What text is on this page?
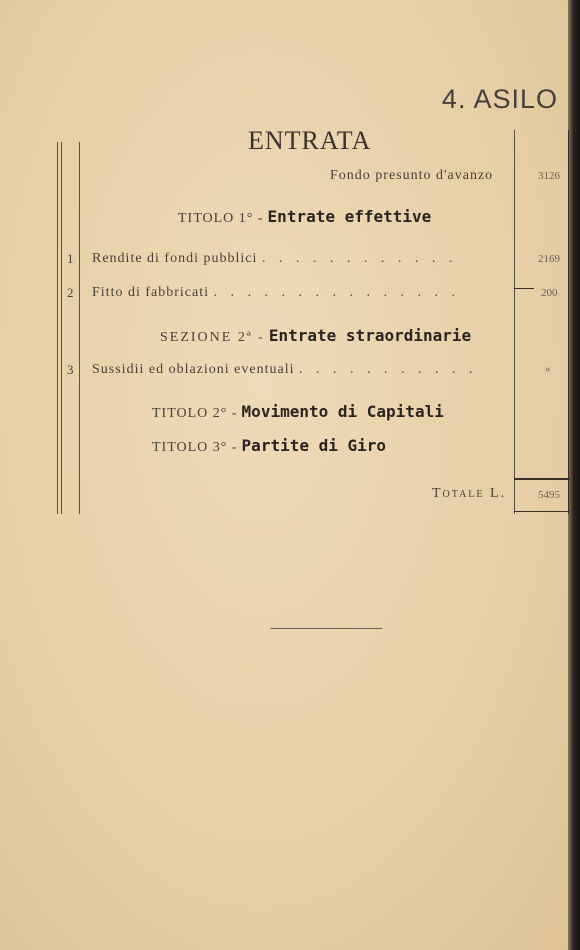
4. ASILO
ENTRATA
Fondo presunto d'avanzo	3126
TITOLO 1° - Entrate effettive
1 Rendite di fondi pubblici . . . . . . . . . . . .	2169
2 Fitto di fabbricati . . . . . . . . . . . . . . .	200
SEZIONE 2ª - Entrate straordinarie
3 Sussidii ed oblazioni eventuali . . . . . . . . . . .	»
TITOLO 2° - Movimento di Capitali
TITOLO 3° - Partite di Giro
Totale L.	5495
